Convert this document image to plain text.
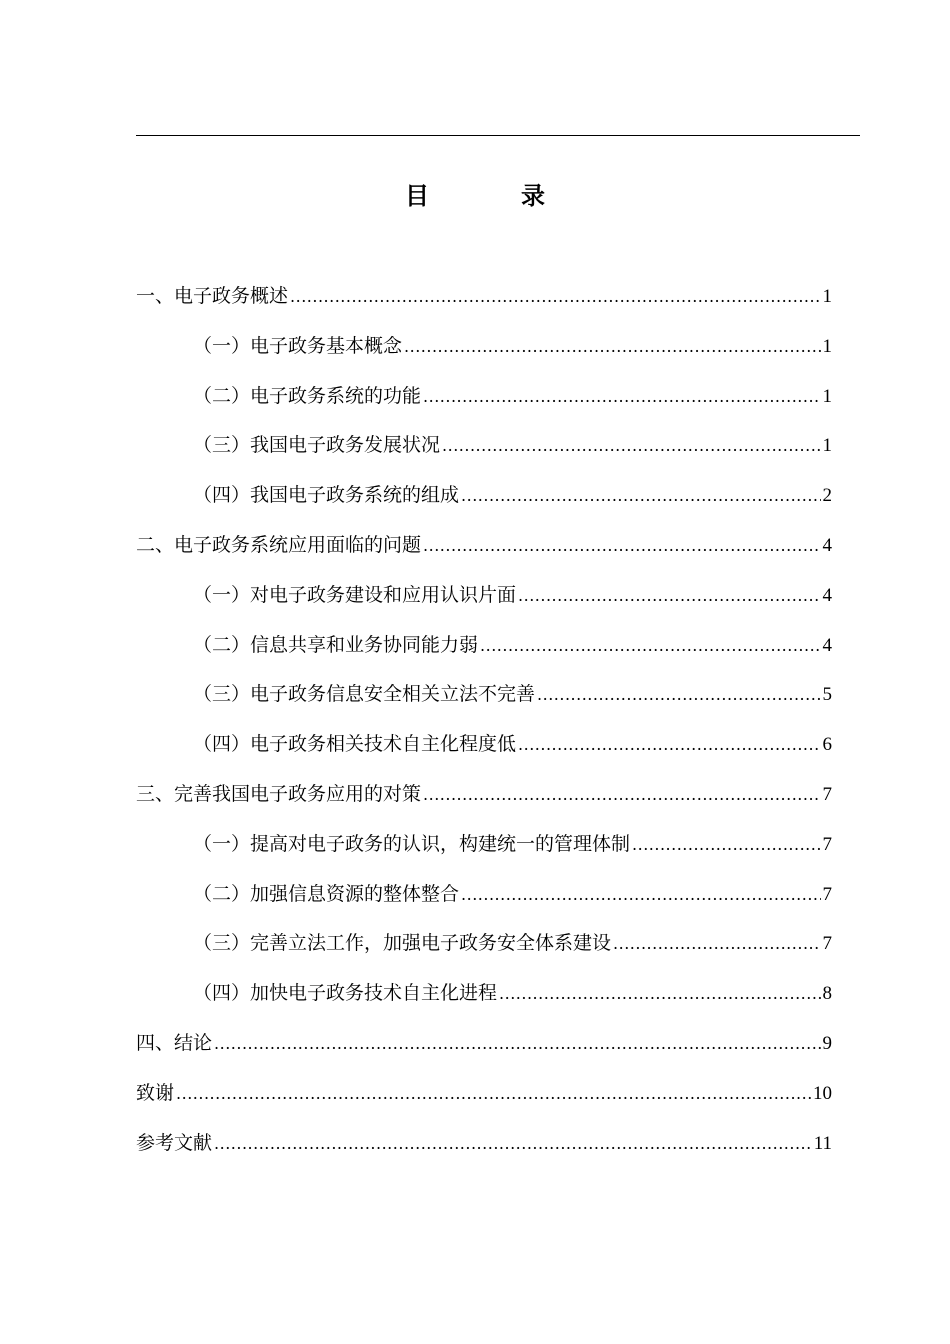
目　录
一、电子政务概述 .....	1
（一）电子政务基本概念 .....	1
（二）电子政务系统的功能 .....	1
（三）我国电子政务发展状况 .....	1
（四）我国电子政务系统的组成 .....	2
二、电子政务系统应用面临的问题 .....	4
（一）对电子政务建设和应用认识片面 .....	4
（二）信息共享和业务协同能力弱 .....	4
（三）电子政务信息安全相关立法不完善 .....	5
（四）电子政务相关技术自主化程度低 .....	6
三、完善我国电子政务应用的对策 .....	7
（一）提高对电子政务的认识，构建统一的管理体制 .....	7
（二）加强信息资源的整体整合 .....	7
（三）完善立法工作，加强电子政务安全体系建设 .....	7
（四）加快电子政务技术自主化进程 .....	8
四、结论 .....	9
致谢 .....	10
参考文献 .....	11
